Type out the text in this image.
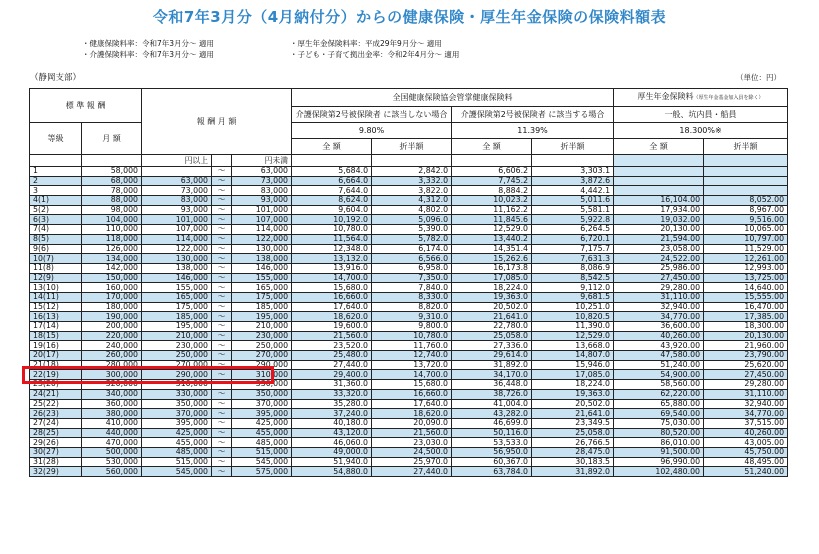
令和7年3月分（4月納付分）からの健康保険・厚生年金保険の保険料額表
・健康保険料率：令和7年3月分～ 適用
・介護保険料率：令和7年3月分～ 適用
・厚生年金保険料率：平成29年9月分～ 適用
・子ども・子育て拠出金率：令和2年4月分～ 適用
（静岡支部）	（単位：円）
標 準 報 酬		報 酬 月 額			全国健康保険協会管掌健康保険料				厚生年金保険料（厚生年金基金加入員を除く）	
					介護保険第2号被保険者 に該当しない場合		介護保険第2号被保険者 に該当する場合		一般、坑内員・船員	
等級	月 額				9.80%		11.39%		18.300%※	
					全 額	折半額	全 額	折半額	全 額	折半額
		円以上		円未満						
1	58,000		～	63,000	5,684.0	2,842.0	6,606.2	3,303.1		
2	68,000	63,000	～	73,000	6,664.0	3,332.0	7,745.2	3,872.6		
3	78,000	73,000	～	83,000	7,644.0	3,822.0	8,884.2	4,442.1		
4(1)	88,000	83,000	～	93,000	8,624.0	4,312.0	10,023.2	5,011.6	16,104.00	8,052.00
5(2)	98,000	93,000	～	101,000	9,604.0	4,802.0	11,162.2	5,581.1	17,934.00	8,967.00
6(3)	104,000	101,000	～	107,000	10,192.0	5,096.0	11,845.6	5,922.8	19,032.00	9,516.00
7(4)	110,000	107,000	～	114,000	10,780.0	5,390.0	12,529.0	6,264.5	20,130.00	10,065.00
8(5)	118,000	114,000	～	122,000	11,564.0	5,782.0	13,440.2	6,720.1	21,594.00	10,797.00
9(6)	126,000	122,000	～	130,000	12,348.0	6,174.0	14,351.4	7,175.7	23,058.00	11,529.00
10(7)	134,000	130,000	～	138,000	13,132.0	6,566.0	15,262.6	7,631.3	24,522.00	12,261.00
11(8)	142,000	138,000	～	146,000	13,916.0	6,958.0	16,173.8	8,086.9	25,986.00	12,993.00
12(9)	150,000	146,000	～	155,000	14,700.0	7,350.0	17,085.0	8,542.5	27,450.00	13,725.00
13(10)	160,000	155,000	～	165,000	15,680.0	7,840.0	18,224.0	9,112.0	29,280.00	14,640.00
14(11)	170,000	165,000	～	175,000	16,660.0	8,330.0	19,363.0	9,681.5	31,110.00	15,555.00
15(12)	180,000	175,000	～	185,000	17,640.0	8,820.0	20,502.0	10,251.0	32,940.00	16,470.00
16(13)	190,000	185,000	～	195,000	18,620.0	9,310.0	21,641.0	10,820.5	34,770.00	17,385.00
17(14)	200,000	195,000	～	210,000	19,600.0	9,800.0	22,780.0	11,390.0	36,600.00	18,300.00
18(15)	220,000	210,000	～	230,000	21,560.0	10,780.0	25,058.0	12,529.0	40,260.00	20,130.00
19(16)	240,000	230,000	～	250,000	23,520.0	11,760.0	27,336.0	13,668.0	43,920.00	21,960.00
20(17)	260,000	250,000	～	270,000	25,480.0	12,740.0	29,614.0	14,807.0	47,580.00	23,790.00
21(18)	280,000	270,000	～	290,000	27,440.0	13,720.0	31,892.0	15,946.0	51,240.00	25,620.00
22(19)	300,000	290,000	～	310,000	29,400.0	14,700.0	34,170.0	17,085.0	54,900.00	27,450.00
23(20)	320,000	310,000	～	330,000	31,360.0	15,680.0	36,448.0	18,224.0	58,560.00	29,280.00
24(21)	340,000	330,000	～	350,000	33,320.0	16,660.0	38,726.0	19,363.0	62,220.00	31,110.00
25(22)	360,000	350,000	～	370,000	35,280.0	17,640.0	41,004.0	20,502.0	65,880.00	32,940.00
26(23)	380,000	370,000	～	395,000	37,240.0	18,620.0	43,282.0	21,641.0	69,540.00	34,770.00
27(24)	410,000	395,000	～	425,000	40,180.0	20,090.0	46,699.0	23,349.5	75,030.00	37,515.00
28(25)	440,000	425,000	～	455,000	43,120.0	21,560.0	50,116.0	25,058.0	80,520.00	40,260.00
29(26)	470,000	455,000	～	485,000	46,060.0	23,030.0	53,533.0	26,766.5	86,010.00	43,005.00
30(27)	500,000	485,000	～	515,000	49,000.0	24,500.0	56,950.0	28,475.0	91,500.00	45,750.00
31(28)	530,000	515,000	～	545,000	51,940.0	25,970.0	60,367.0	30,183.5	96,990.00	48,495.00
32(29)	560,000	545,000	～	575,000	54,880.0	27,440.0	63,784.0	31,892.0	102,480.00	51,240.00
